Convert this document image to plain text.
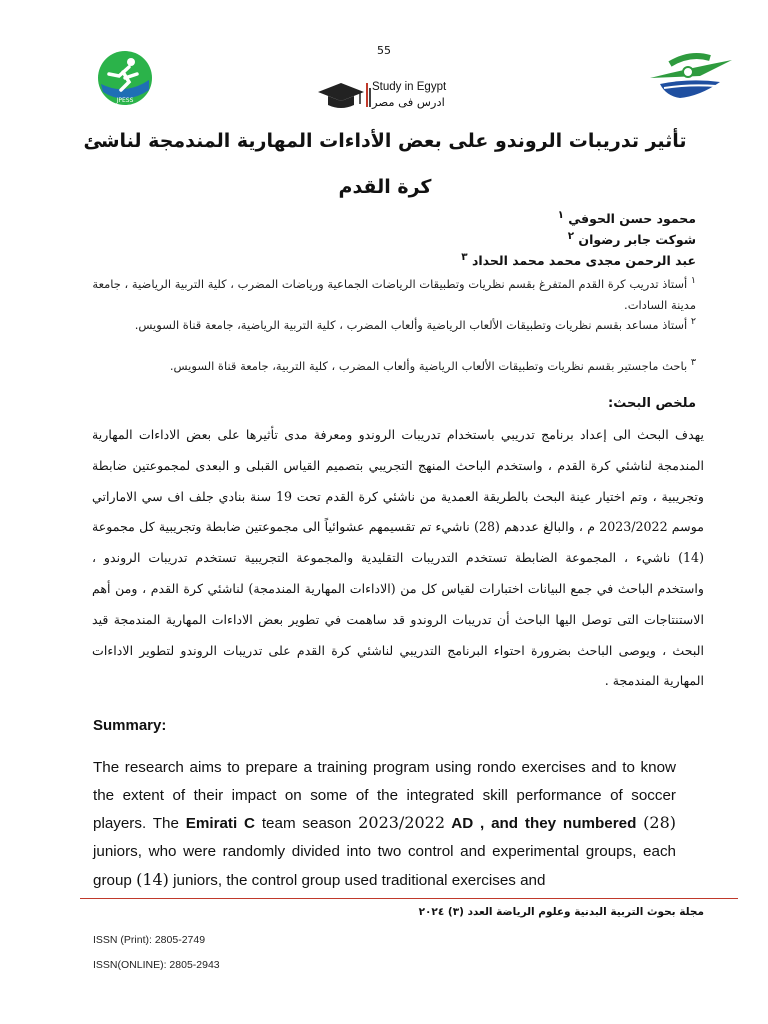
55
JPESS
Study in Egypt
ادرس فى مصر
تأثير تدريبات الروندو على بعض الأداءات المهارية المندمجة لناشئ كرة القدم
محمود حسن الحوفي $^١$
شوكت جابر رضوان $^٢$
عبد الرحمن مجدى محمد محمد الحداد $^٣$
$^١$ أستاذ تدريب كرة القدم المتفرغ بقسم نظريات وتطبيقات الرياضات الجماعية ورياضات المضرب ، كلية التربية الرياضية ، جامعة مدينة السادات.
$^٢$ أستاذ مساعد بقسم نظريات وتطبيقات الألعاب الرياضية وألعاب المضرب ، كلية التربية الرياضية، جامعة قناة السويس.
$^٣$ باحث ماجستير بقسم نظريات وتطبيقات الألعاب الرياضية وألعاب المضرب ، كلية التربية، جامعة قناة السويس.
ملخص البحث:
يهدف البحث الى إعداد برنامج تدريبي باستخدام تدريبات الروندو ومعرفة مدى تأثيرها على بعض الاداءات المهارية المندمجة لناشئي كرة القدم ، واستخدم الباحث المنهج التجريبي بتصميم القياس القبلى و البعدى لمجموعتين ضابطة وتجريبية ، وتم اختيار عينة البحث بالطريقة العمدية من ناشئي كرة القدم تحت 19 سنة بنادي جلف اف سي الاماراتي موسم 2023/2022 م ، والبالغ عددهم (28) ناشيء تم تقسيمهم عشوائياً الى مجموعتين ضابطة وتجريبية كل مجموعة (14) ناشيء ، المجموعة الضابطة تستخدم التدريبات التقليدية والمجموعة التجريبية تستخدم تدريبات الروندو ، واستخدم الباحث في جمع البيانات اختبارات لقياس كل من (الاداءات المهارية المندمجة) لناشئي كرة القدم ، ومن أهم الاستنتاجات التى توصل اليها الباحث أن تدريبات الروندو قد ساهمت في تطوير بعض الاداءات المهارية المندمجة قيد البحث ، ويوصى الباحث بضرورة احتواء البرنامج التدريبي لناشئي كرة القدم على تدريبات الروندو لتطوير الاداءات المهارية المندمجة .
Summary:
The research aims to prepare a training program using rondo exercises and to know the extent of their impact on some of the integrated skill performance of soccer players. The Emirati C team season 2023/2022 AD , and they numbered (28) juniors, who were randomly divided into two control and experimental groups, each group (14) juniors, the control group used traditional exercises and
مجلة بحوث التربية البدنية وعلوم الرياضة العدد (٣) ٢٠٢٤
ISSN (Print): 2805-2749
ISSN(ONLINE): 2805-2943
